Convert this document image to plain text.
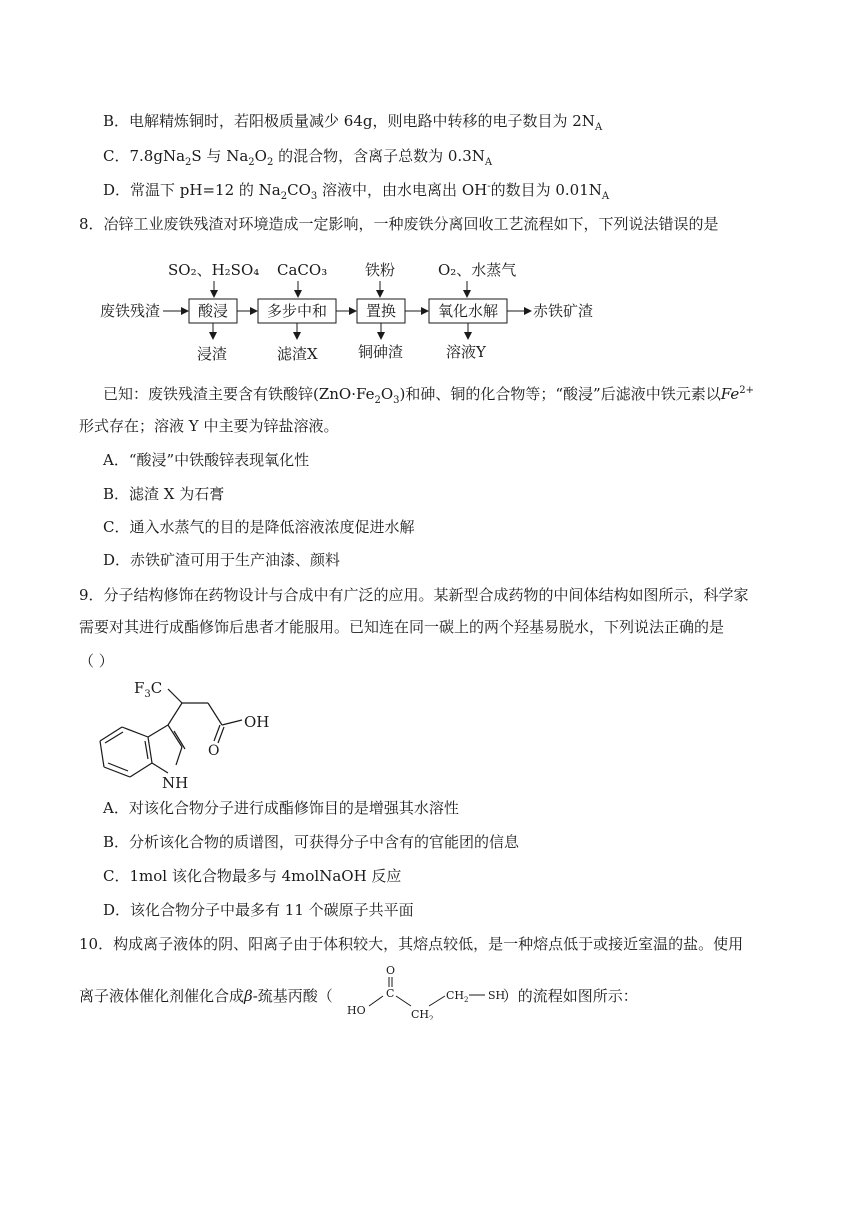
B．电解精炼铜时，若阳极质量减少 64g，则电路中转移的电子数目为 $2N_A$
C．7.8gNa$_2$S 与 $Na_2O_2$ 的混合物，含离子总数为 $0.3N_A$
D．常温下 pH=12 的 $Na_2CO_3$ 溶液中，由水电离出 OH-的数目为 $0.01N_A$
8．冶锌工业废铁残渣对环境造成一定影响，一种废铁分离回收工艺流程如下，下列说法错误的是
SO₂、H₂SO₄ CaCO₃	铁粉	O₂、水蒸气
废铁残渣	酸浸	多步中和	置换	氧化水解 赤铁矿渣
浸渣	滤渣X	铜砷渣	溶液Y
已知：废铁残渣主要含有铁酸锌$(ZnO\cdot Fe_2O_3)$和砷、铜的化合物等；“酸浸”后滤液中铁元素以$Fe^{2+}$
形式存在；溶液 Y 中主要为锌盐溶液。
A．“酸浸”中铁酸锌表现氧化性
B．滤渣 X 为石膏
C．通入水蒸气的目的是降低溶液浓度促进水解
D．赤铁矿渣可用于生产油漆、颜料
9．分子结构修饰在药物设计与合成中有广泛的应用。某新型合成药物的中间体结构如图所示，科学家
需要对其进行成酯修饰后患者才能服用。已知连在同一碳上的两个羟基易脱水，下列说法正确的是
（ ）
$F_3C$
OH
O
NH
A．对该化合物分子进行成酯修饰目的是增强其水溶性
B．分析该化合物的质谱图，可获得分子中含有的官能团的信息
C．1mol 该化合物最多与 4molNaOH 反应
D．该化合物分子中最多有 11 个碳原子共平面
10．构成离子液体的阴、阳离子由于体积较大，其熔点较低，是一种熔点低于或接近室温的盐。使用
离子液体催化剂催化合成β-巯基丙酸（	）的流程如图所示：
O
C
HO	$CH_2$
$CH_2$ SH
